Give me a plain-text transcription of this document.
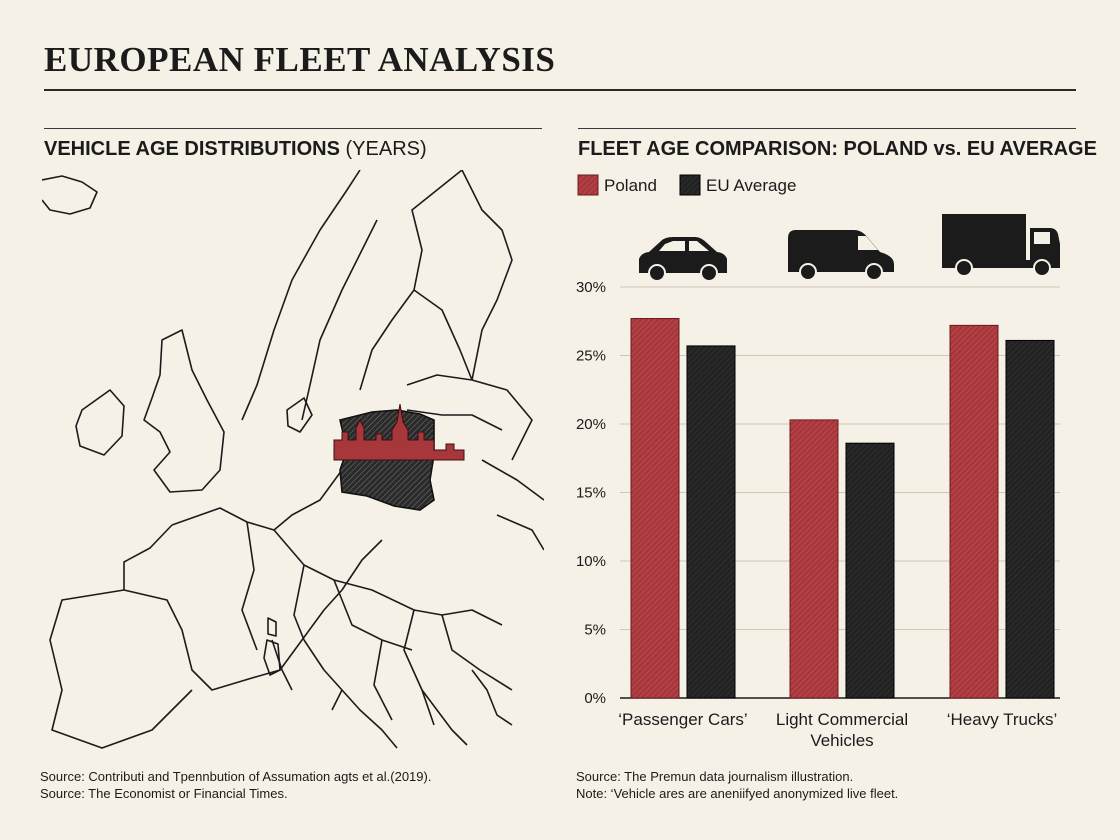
EUROPEAN FLEET ANALYSIS
VEHICLE AGE DISTRIBUTIONS (YEARS)	FLEET AGE COMPARISON: POLAND vs. EU AVERAGE
Poland	EU Average
0%
5%
10%
15%
20%
25%
30%
‘Passenger Cars’ Light Commercial Vehicles
‘Heavy Trucks’
Source: Contributi and Tpennbution of Assumation agts et al.(2019).
Source: The Economist or Financial Times.
Source: The Premun data journalism illustration.
Note: ‘Vehicle ares are aneniifyed anonymized live fleet.
